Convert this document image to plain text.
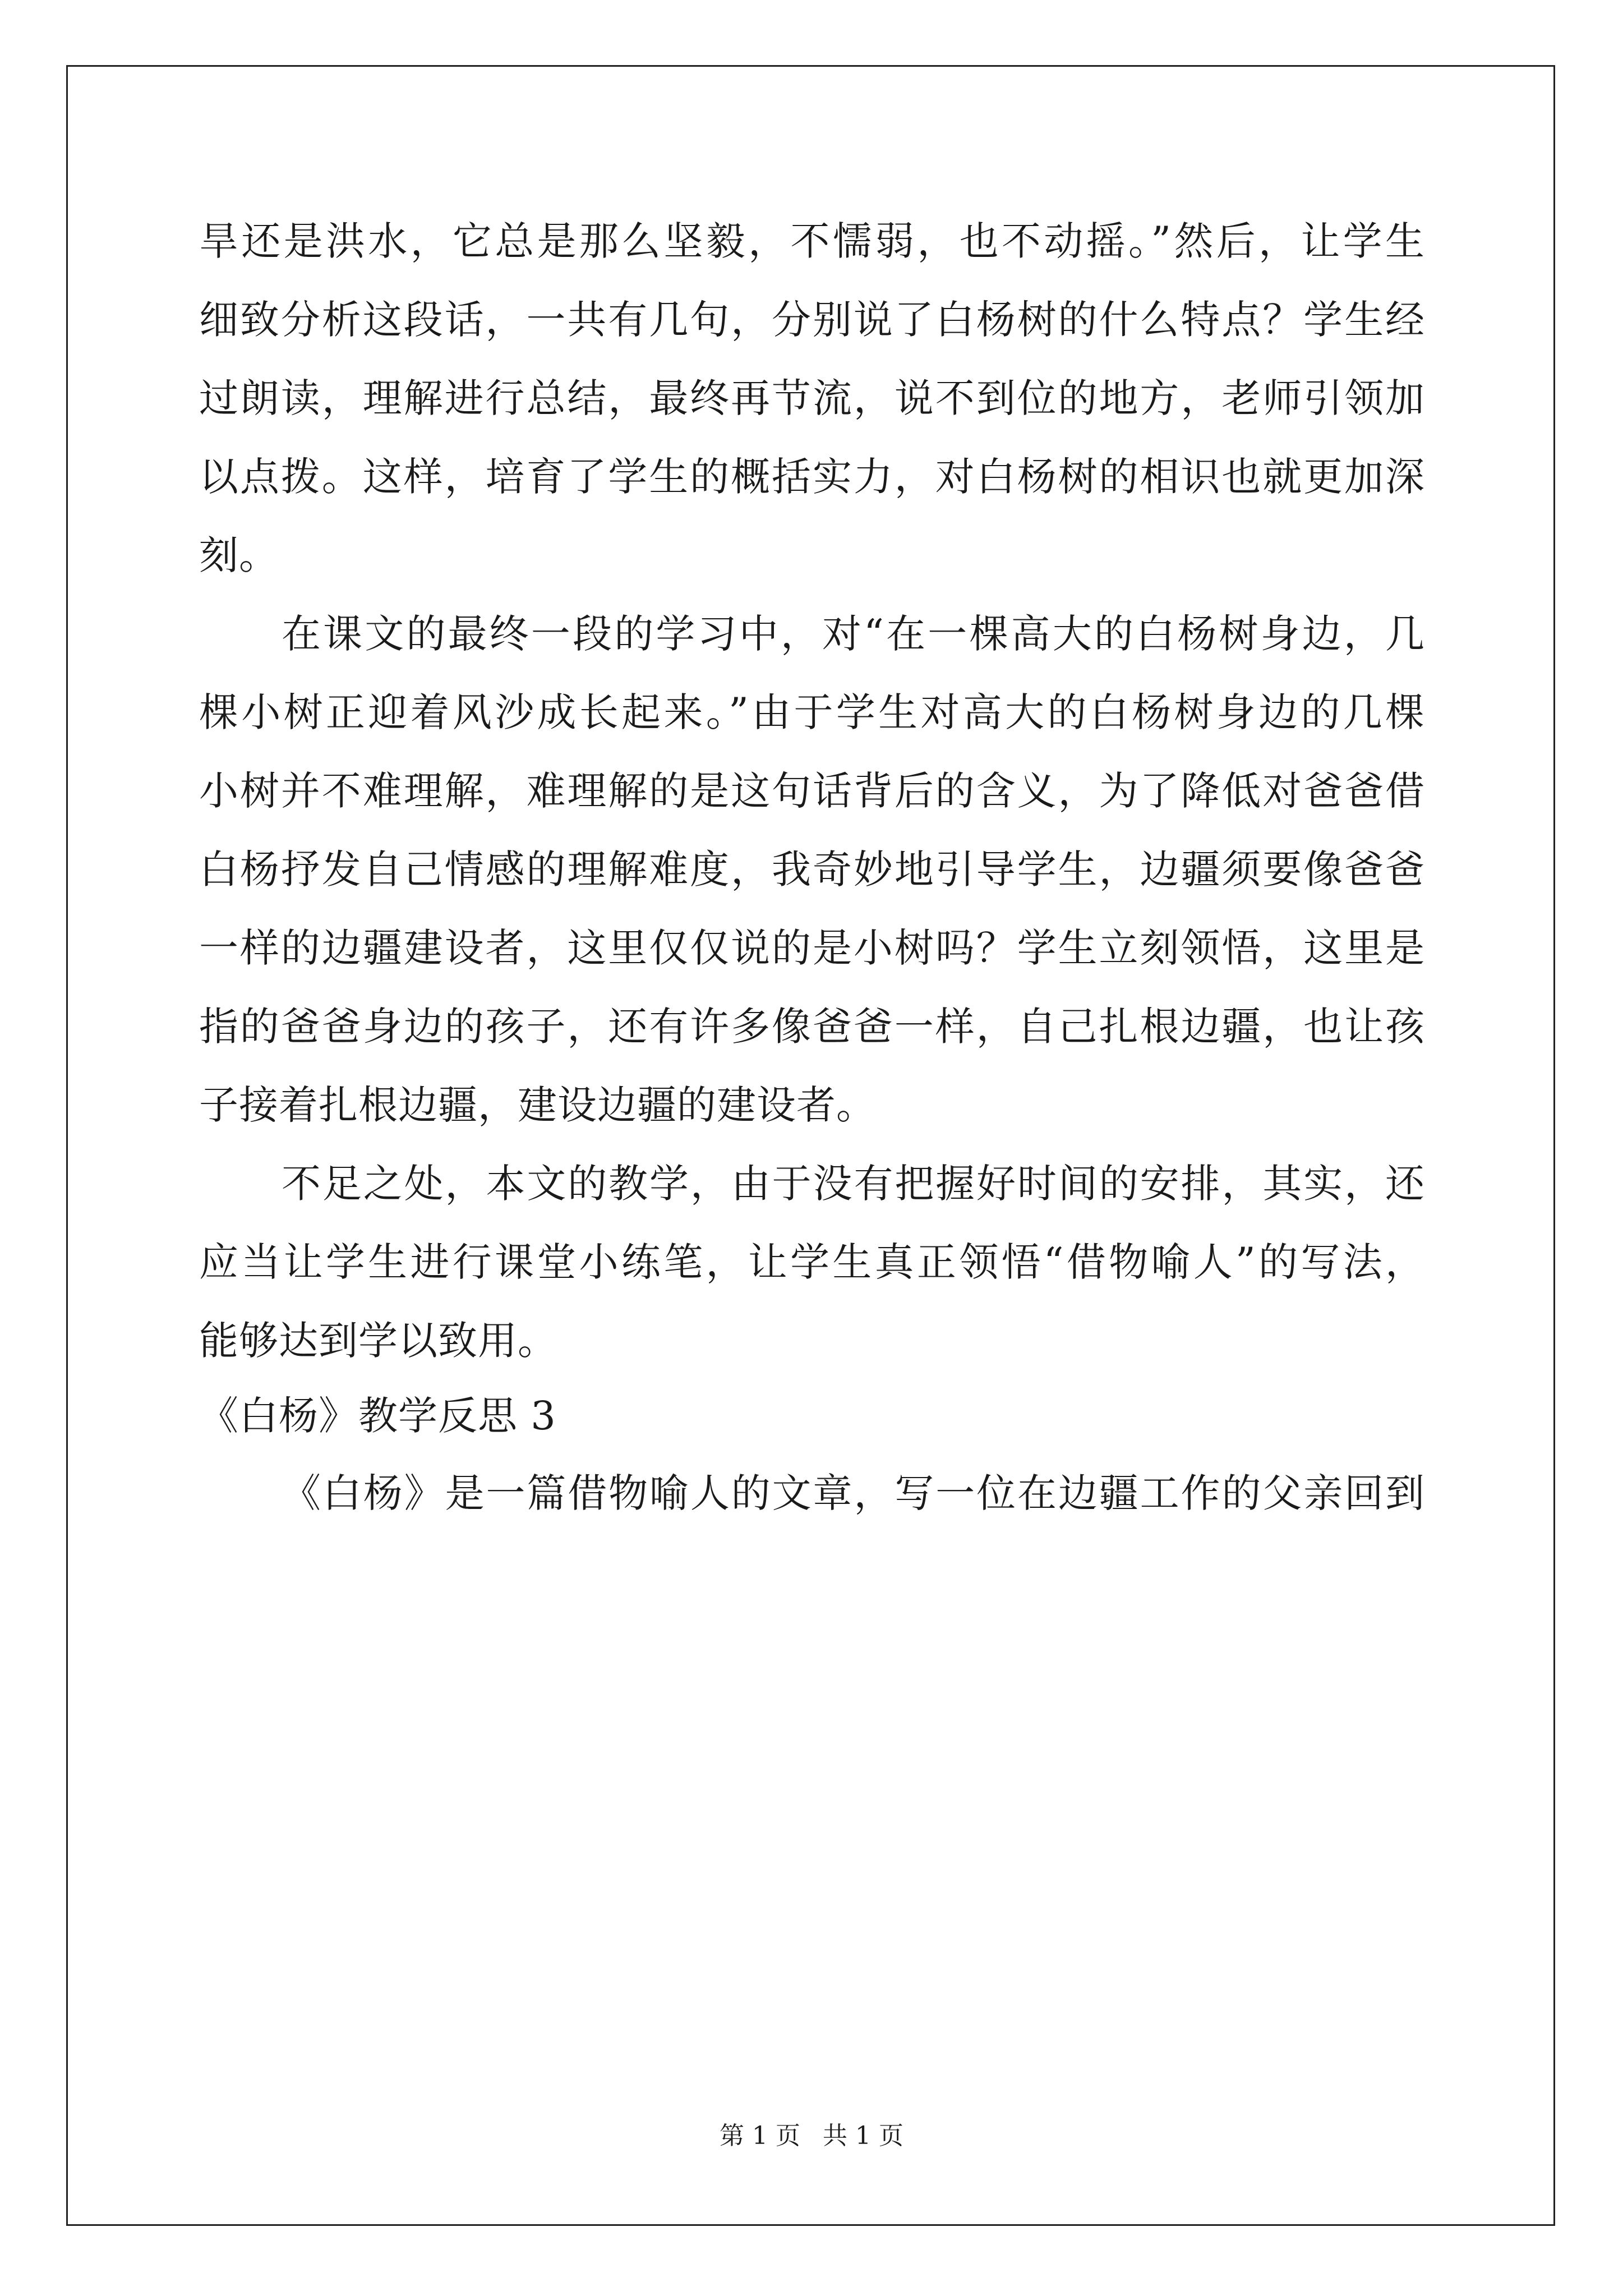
旱还是洪水，它总是那么坚毅，不懦弱，也不动摇。”然后，让学生
细致分析这段话，一共有几句，分别说了白杨树的什么特点？学生经
过朗读，理解进行总结，最终再节流，说不到位的地方，老师引领加
以点拨。这样，培育了学生的概括实力，对白杨树的相识也就更加深
刻。
在课文的最终一段的学习中，对“在一棵高大的白杨树身边，几
棵小树正迎着风沙成长起来。”由于学生对高大的白杨树身边的几棵
小树并不难理解，难理解的是这句话背后的含义，为了降低对爸爸借
白杨抒发自己情感的理解难度，我奇妙地引导学生，边疆须要像爸爸
一样的边疆建设者，这里仅仅说的是小树吗？学生立刻领悟，这里是
指的爸爸身边的孩子，还有许多像爸爸一样，自己扎根边疆，也让孩
子接着扎根边疆，建设边疆的建设者。
不足之处，本文的教学，由于没有把握好时间的安排，其实，还
应当让学生进行课堂小练笔，让学生真正领悟“借物喻人”的写法，
能够达到学以致用。
《白杨》教学反思 3
《白杨》是一篇借物喻人的文章，写一位在边疆工作的父亲回到
第 1 页 共 1 页
